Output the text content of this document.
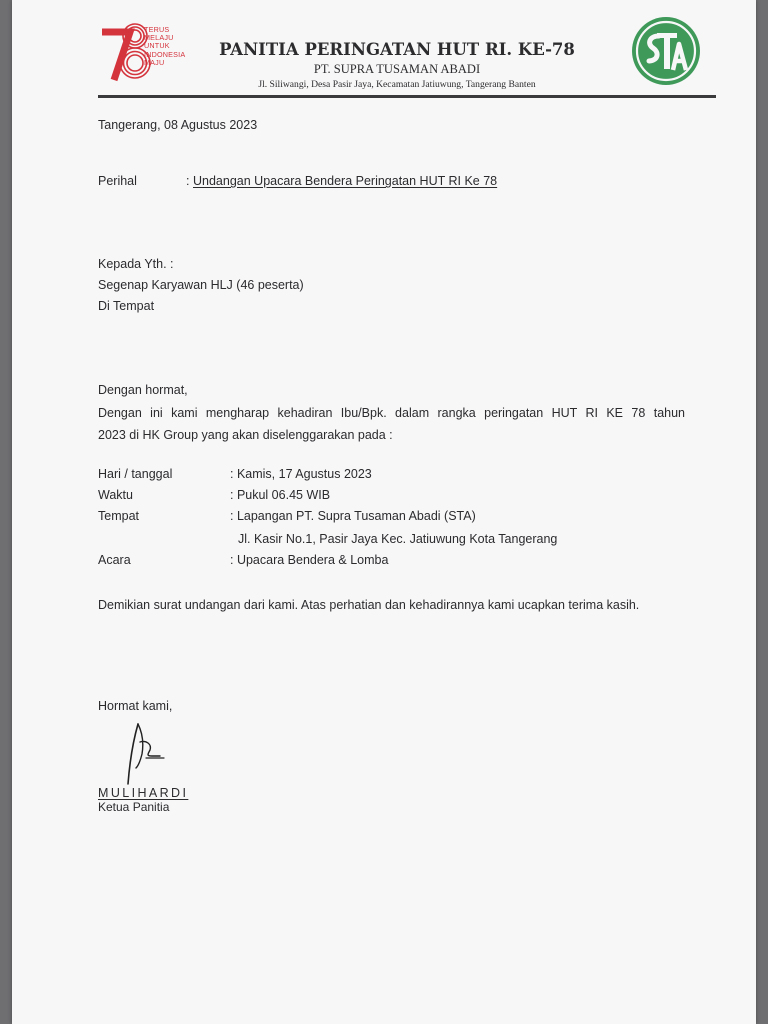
TERUS
MELAJU
UNTUK
INDONESIA
MAJU
PANITIA PERINGATAN HUT RI. KE-78
PT. SUPRA TUSAMAN ABADI
Jl. Siliwangi, Desa Pasir Jaya, Kecamatan Jatiuwung, Tangerang Banten
Tangerang, 08 Agustus 2023
Perihal	: Undangan Upacara Bendera Peringatan HUT RI Ke 78
Kepada Yth. :
Segenap Karyawan HLJ (46 peserta)
Di Tempat
Dengan hormat,
Dengan ini kami mengharap kehadiran Ibu/Bpk. dalam rangka peringatan HUT RI KE 78 tahun
2023 di HK Group yang akan diselenggarakan pada :
Hari / tanggal	: Kamis, 17 Agustus 2023
Waktu	: Pukul 06.45 WIB
Tempat	: Lapangan PT. Supra Tusaman Abadi (STA)
Jl. Kasir No.1, Pasir Jaya Kec. Jatiuwung Kota Tangerang
Acara	: Upacara Bendera & Lomba
Demikian surat undangan dari kami. Atas perhatian dan kehadirannya kami ucapkan terima kasih.
Hormat kami,
MULIHARDI
Ketua Panitia
